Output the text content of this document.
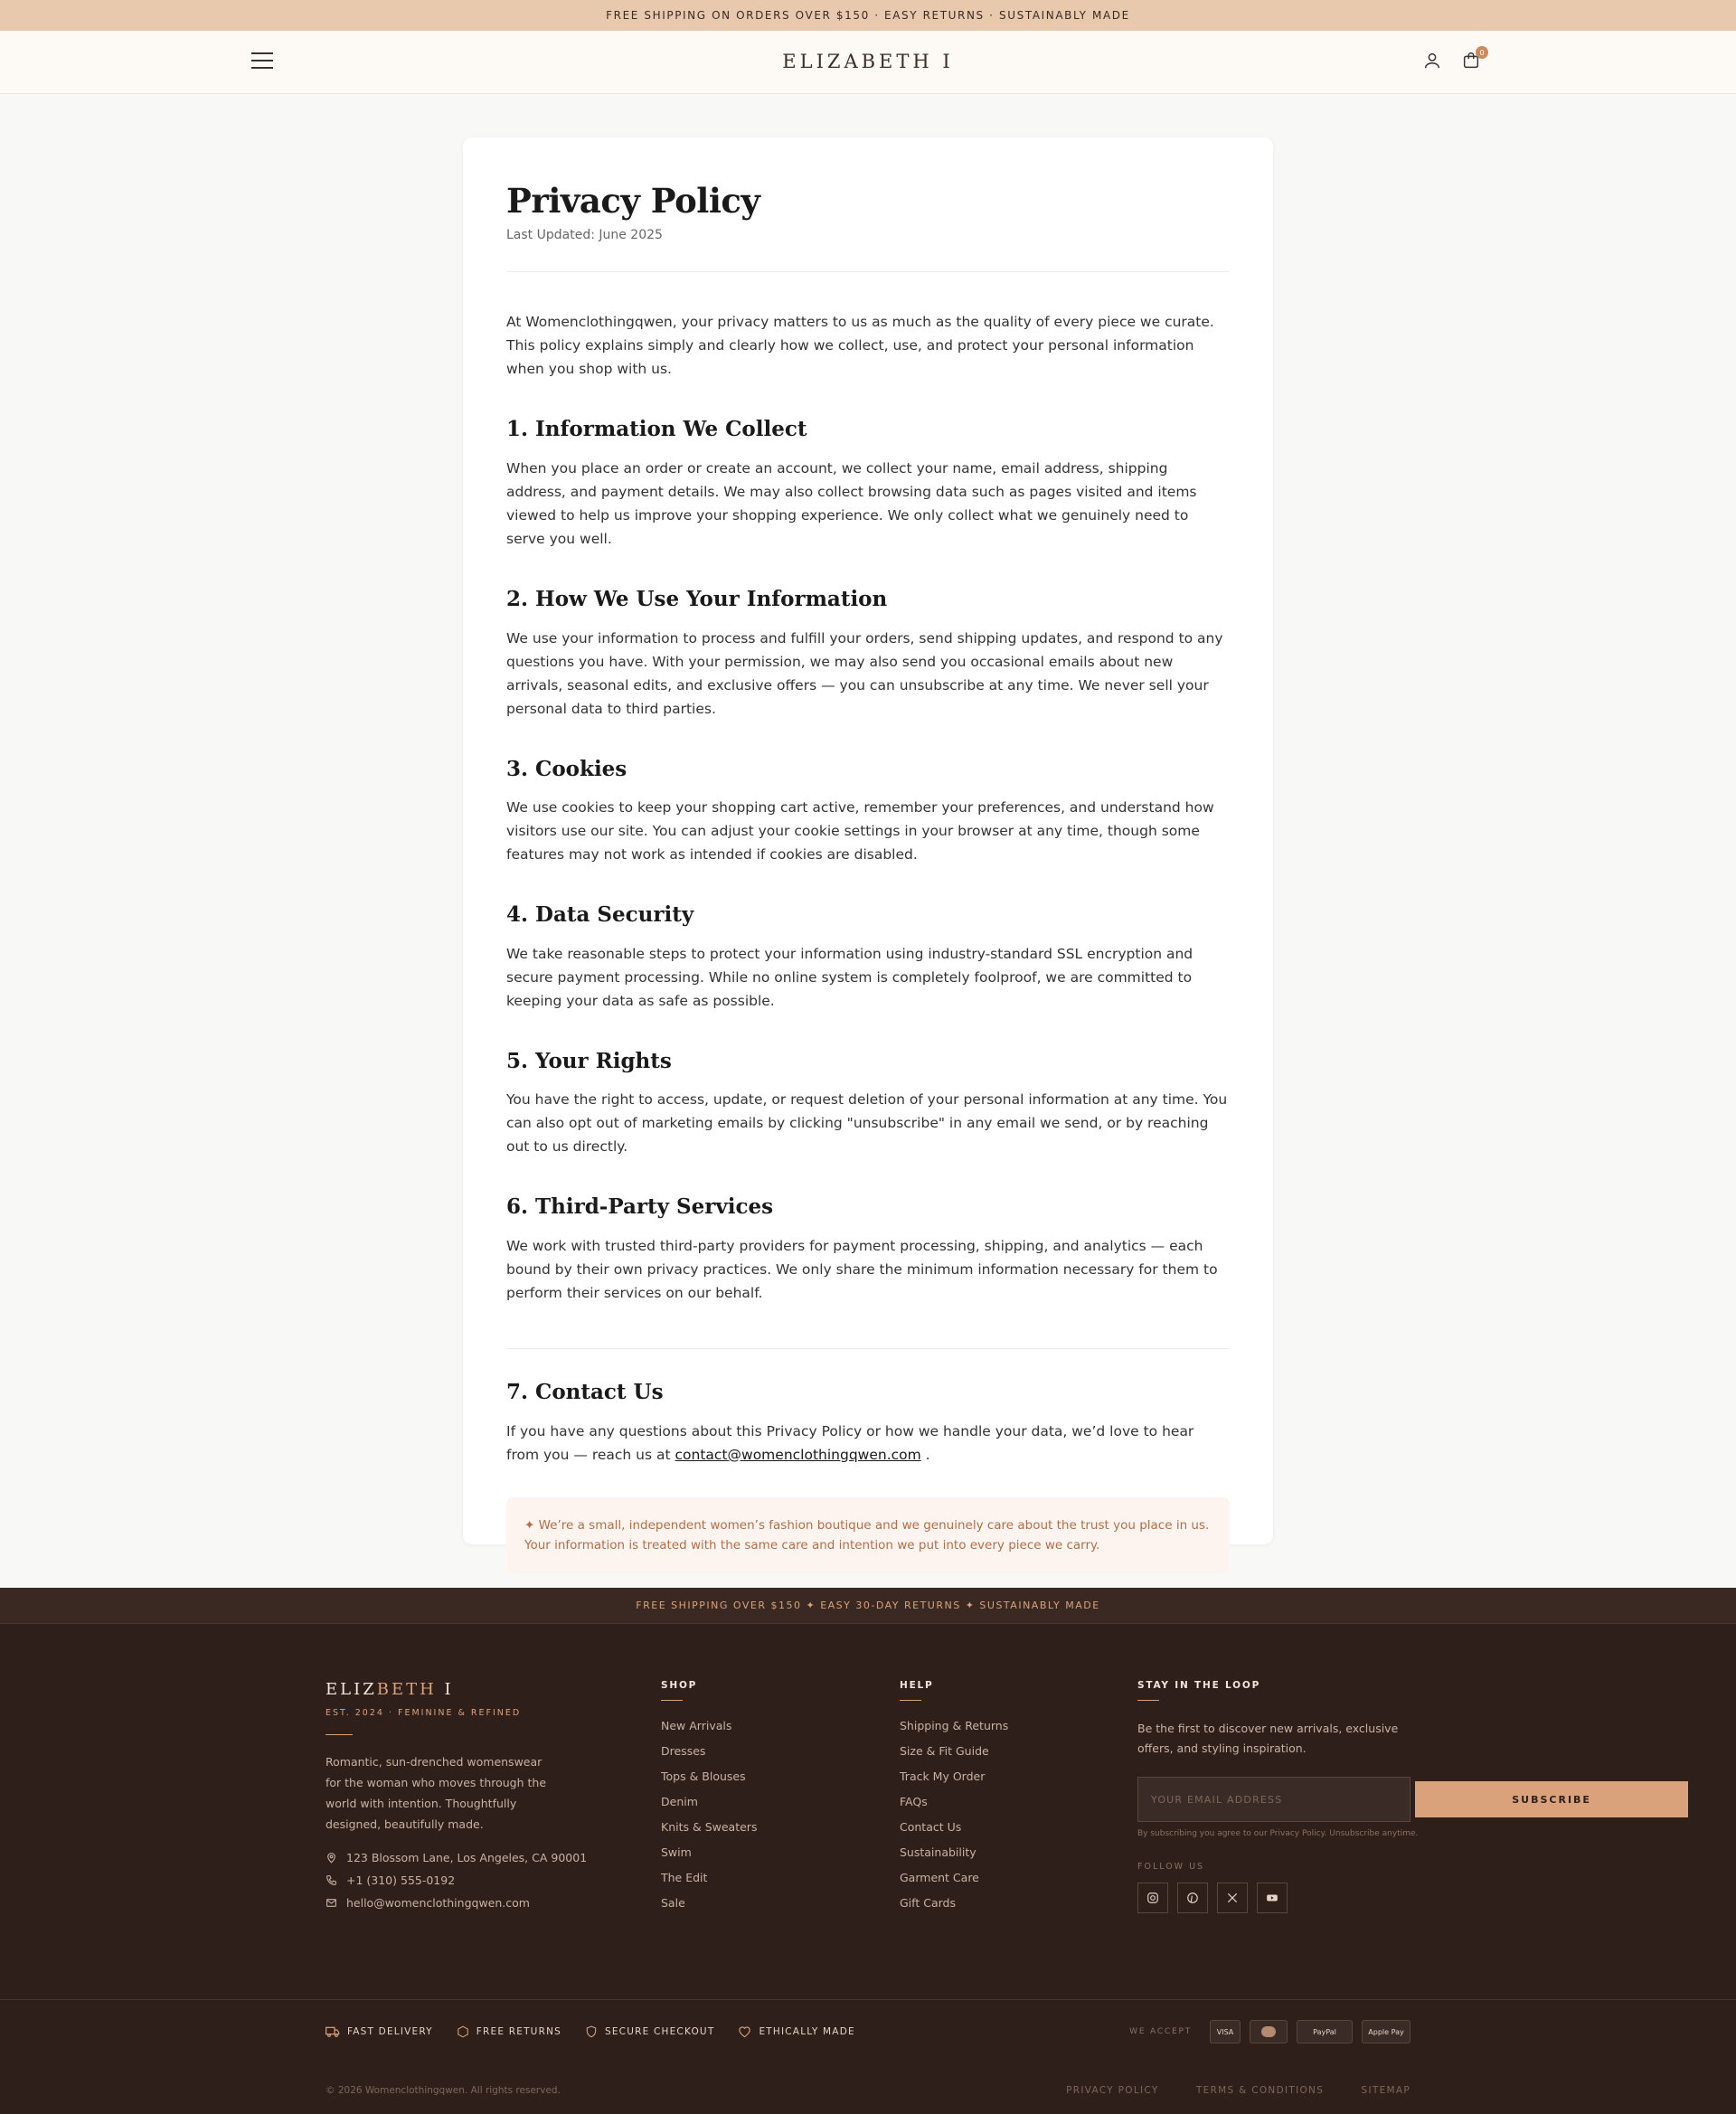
FREE SHIPPING ON ORDERS OVER $150 · EASY RETURNS · SUSTAINABLY MADE
ELIZABETH I	0
Privacy Policy
Last Updated: June 2025

At Womenclothingqwen, your privacy matters to us as much as the quality of every piece we curate. This policy explains simply and clearly how we collect, use, and protect your personal information when you shop with us.

1. Information We Collect

When you place an order or create an account, we collect your name, email address, shipping address, and payment details. We may also collect browsing data such as pages visited and items viewed to help us improve your shopping experience. We only collect what we genuinely need to serve you well.

2. How We Use Your Information

We use your information to process and fulfill your orders, send shipping updates, and respond to any questions you have. With your permission, we may also send you occasional emails about new arrivals, seasonal edits, and exclusive offers — you can unsubscribe at any time. We never sell your personal data to third parties.

3. Cookies

We use cookies to keep your shopping cart active, remember your preferences, and understand how visitors use our site. You can adjust your cookie settings in your browser at any time, though some features may not work as intended if cookies are disabled.

4. Data Security

We take reasonable steps to protect your information using industry-standard SSL encryption and secure payment processing. While no online system is completely foolproof, we are committed to keeping your data as safe as possible.

5. Your Rights

You have the right to access, update, or request deletion of your personal information at any time. You can also opt out of marketing emails by clicking "unsubscribe" in any email we send, or by reaching out to us directly.

6. Third-Party Services

We work with trusted third-party providers for payment processing, shipping, and analytics — each bound by their own privacy practices. We only share the minimum information necessary for them to perform their services on our behalf.

7. Contact Us

If you have any questions about this Privacy Policy or how we handle your data, we’d love to hear from you — reach us at contact@womenclothingqwen.com .

✦ We’re a small, independent women’s fashion boutique and we genuinely care about the trust you place in us. Your information is treated with the same care and intention we put into every piece we carry.
FREE SHIPPING OVER $150 ✦ EASY 30-DAY RETURNS ✦ SUSTAINABLY MADE
ELIZBETH I
EST. 2024 · FEMININE & REFINED
Romantic, sun-drenched womenswear for the woman who moves through the world with intention. Thoughtfully designed, beautifully made.
123 Blossom Lane, Los Angeles, CA 90001
+1 (310) 555-0192
hello@womenclothingqwen.com
SHOP
New Arrivals
Dresses
Tops & Blouses
Denim
Knits & Sweaters
Swim
The Edit
Sale
HELP
Shipping & Returns
Size & Fit Guide
Track My Order
FAQs
Contact Us
Sustainability
Garment Care
Gift Cards
STAY IN THE LOOP
Be the first to discover new arrivals, exclusive offers, and styling inspiration.
YOUR EMAIL ADDRESS SUBSCRIBE
By subscribing you agree to our Privacy Policy. Unsubscribe anytime.
FOLLOW US
FAST DELIVERY	FREE RETURNS	SECURE CHECKOUT	ETHICALLY MADE	WE ACCEPT	VISA	PayPal	Apple Pay
© 2026 Womenclothingqwen. All rights reserved.	PRIVACY POLICY	TERMS & CONDITIONS	SITEMAP
